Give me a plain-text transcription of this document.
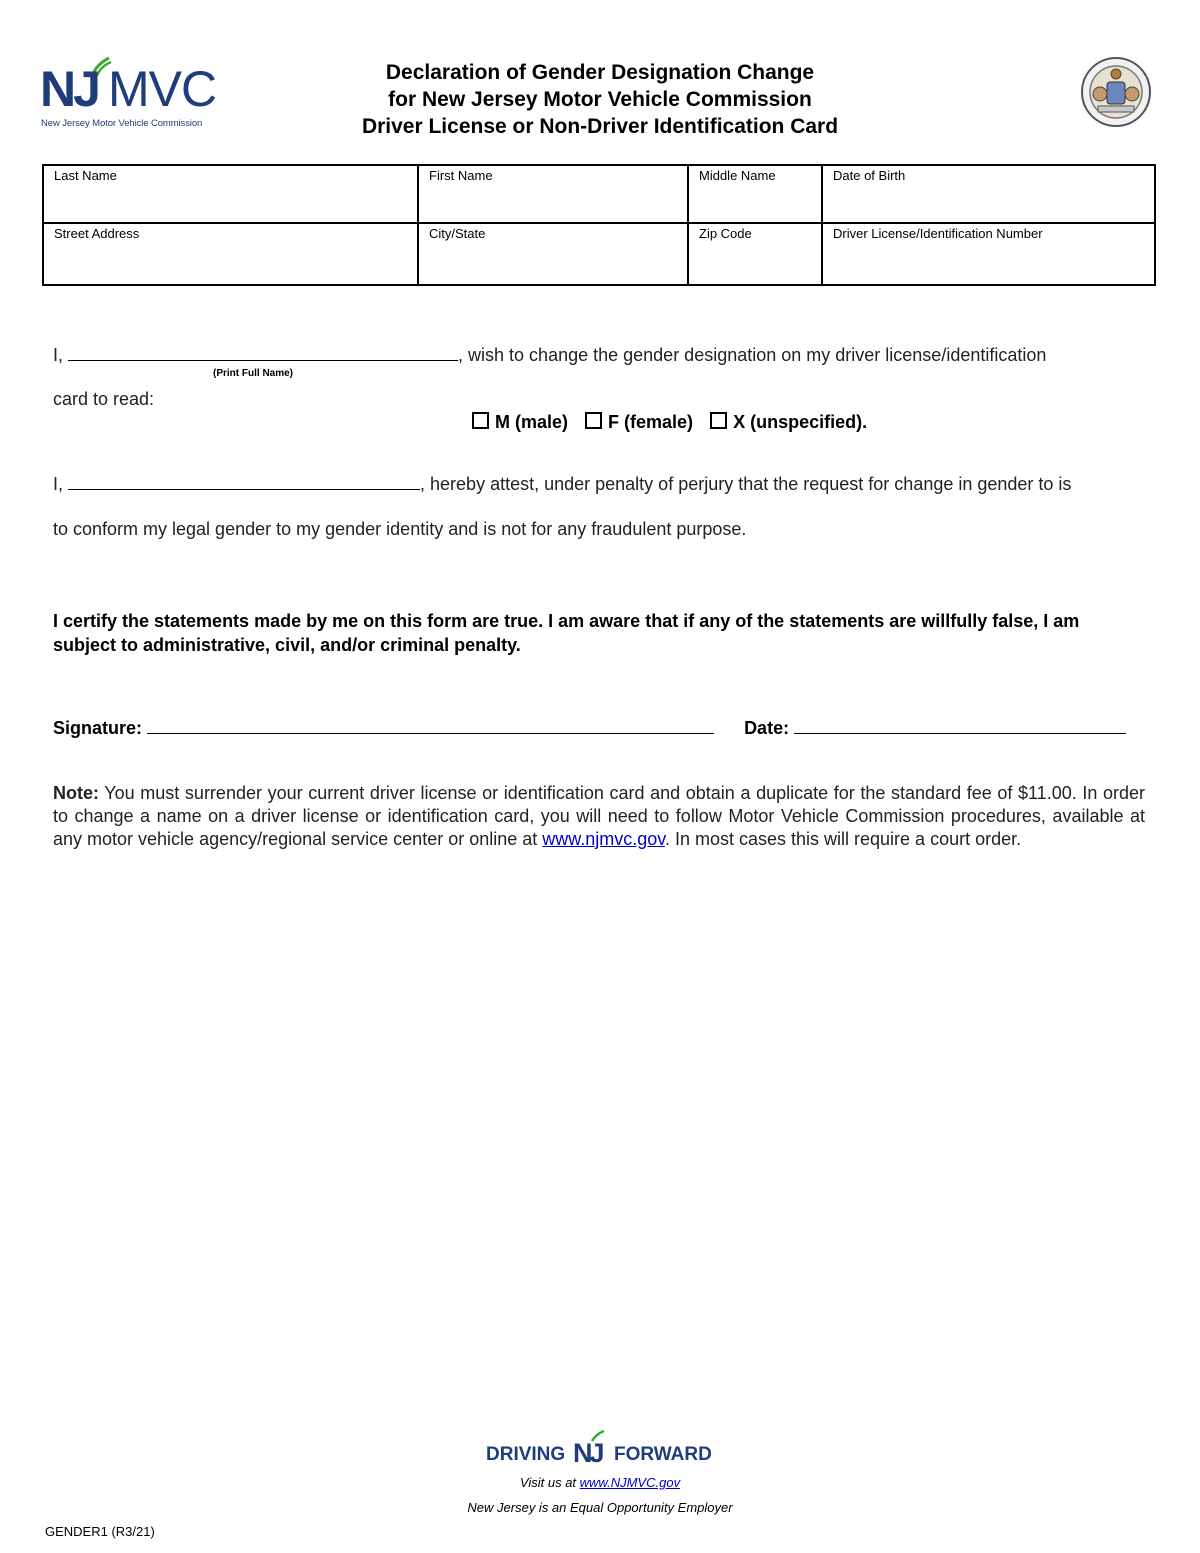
NJ MVC
New Jersey Motor Vehicle Commission
Declaration of Gender Designation Change
for New Jersey Motor Vehicle Commission
Driver License or Non-Driver Identification Card
Last Name	First Name	Middle Name	Date of Birth
Street Address	City/State	Zip Code	Driver License/Identification Number
I,	, wish to change the gender designation on my driver license/identification
(Print Full Name)
card to read:
M (male) F (female) X (unspecified).
I,	, hereby attest, under penalty of perjury that the request for change in gender to is
to conform my legal gender to my gender identity and is not for any fraudulent purpose.
I certify the statements made by me on this form are true. I am aware that if any of the statements are willfully false, I am subject to administrative, civil, and/or criminal penalty.
Signature:	Date:
Note: You must surrender your current driver license or identification card and obtain a duplicate for the standard fee of $11.00. In order to change a name on a driver license or identification card, you will need to follow Motor Vehicle Commission procedures, available at any motor vehicle agency/regional service center or online at www.njmvc.gov. In most cases this will require a court order.
DRIVING NJ FORWARD
Visit us at www.NJMVC.gov
New Jersey is an Equal Opportunity Employer
GENDER1 (R3/21)
